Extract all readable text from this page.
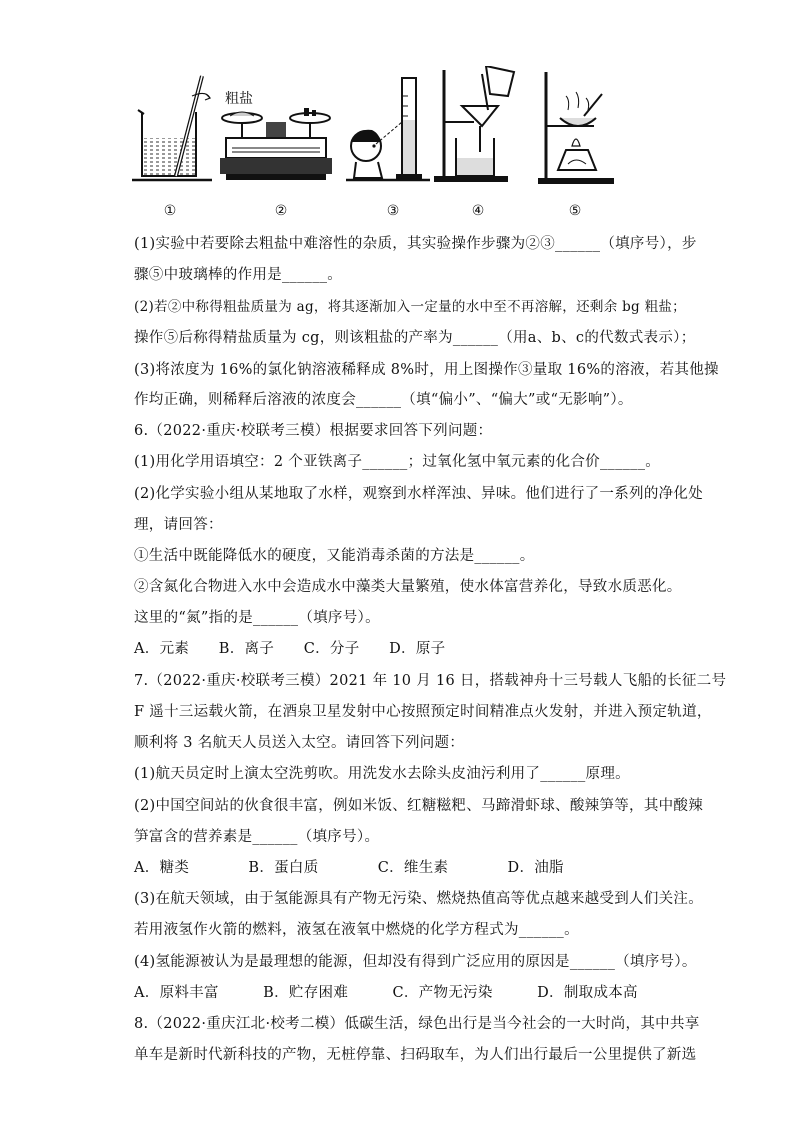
粗盐
①	②	③	④	⑤
(1)实验中若要除去粗盐中难溶性的杂质，其实验操作步骤为②③______（填序号），步
骤⑤中玻璃棒的作用是______。
(2)若②中称得粗盐质量为 ag，将其逐渐加入一定量的水中至不再溶解，还剩余 bg 粗盐；
操作⑤后称得精盐质量为 cg，则该粗盐的产率为______（用a、b、c的代数式表示）；
(3)将浓度为 16%的氯化钠溶液稀释成 8%时，用上图操作③量取 16%的溶液，若其他操
作均正确，则稀释后溶液的浓度会______（填“偏小”、“偏大”或“无影响”）。
6.（2022·重庆·校联考三模）根据要求回答下列问题：
(1)用化学用语填空：2 个亚铁离子______；过氧化氢中氧元素的化合价______。
(2)化学实验小组从某地取了水样，观察到水样浑浊、异味。他们进行了一系列的净化处
理，请回答：
①生活中既能降低水的硬度，又能消毒杀菌的方法是______。
②含氮化合物进入水中会造成水中藻类大量繁殖，使水体富营养化，导致水质恶化。
这里的“氮”指的是______（填序号）。
A．元素　　B．离子　　C．分子　　D．原子
7.（2022·重庆·校联考三模）2021 年 10 月 16 日，搭载神舟十三号载人飞船的长征二号
F 遥十三运载火箭，在酒泉卫星发射中心按照预定时间精准点火发射，并进入预定轨道，
顺利将 3 名航天人员送入太空。请回答下列问题：
(1)航天员定时上演太空洗剪吹。用洗发水去除头皮油污利用了______原理。
(2)中国空间站的伙食很丰富，例如米饭、红糖糍粑、马蹄滑虾球、酸辣笋等，其中酸辣
笋富含的营养素是______（填序号）。
A．糖类　　　　B．蛋白质　　　　C．维生素　　　　D．油脂
(3)在航天领域，由于氢能源具有产物无污染、燃烧热值高等优点越来越受到人们关注。
若用液氢作火箭的燃料，液氢在液氧中燃烧的化学方程式为______。
(4)氢能源被认为是最理想的能源，但却没有得到广泛应用的原因是______（填序号）。
A．原料丰富　　　B．贮存困难　　　C．产物无污染　　　D．制取成本高
8.（2022·重庆江北·校考二模）低碳生活，绿色出行是当今社会的一大时尚，其中共享
单车是新时代新科技的产物，无桩停靠、扫码取车，为人们出行最后一公里提供了新选
